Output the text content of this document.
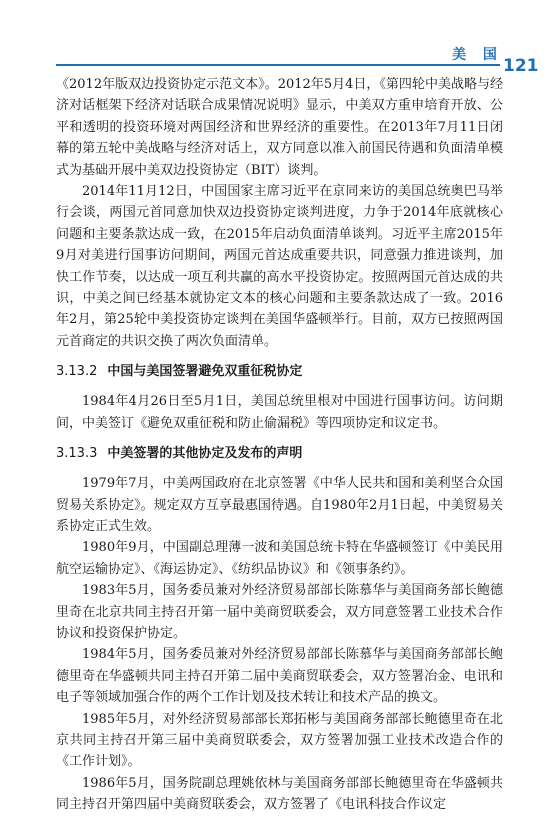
美 国
121

《2012年版双边投资协定示范文本》。2012年5月4日，《第四轮中美战略与经济对话框架下经济对话联合成果情况说明》显示，中美双方重申培育开放、公平和透明的投资环境对两国经济和世界经济的重要性。在2013年7月11日闭幕的第五轮中美战略与经济对话上，双方同意以准入前国民待遇和负面清单模式为基础开展中美双边投资协定（BIT）谈判。

2014年11月12日，中国国家主席习近平在京同来访的美国总统奥巴马举行会谈，两国元首同意加快双边投资协定谈判进度，力争于2014年底就核心问题和主要条款达成一致，在2015年启动负面清单谈判。习近平主席2015年9月对美进行国事访问期间，两国元首达成重要共识，同意强力推进谈判，加快工作节奏，以达成一项互利共赢的高水平投资协定。按照两国元首达成的共识，中美之间已经基本就协定文本的核心问题和主要条款达成了一致。2016年2月，第25轮中美投资协定谈判在美国华盛顿举行。目前，双方已按照两国元首商定的共识交换了两次负面清单。

3.13.2 中国与美国签署避免双重征税协定

1984年4月26日至5月1日，美国总统里根对中国进行国事访问。访问期间，中美签订《避免双重征税和防止偷漏税》等四项协定和议定书。

3.13.3 中美签署的其他协定及发布的声明

1979年7月，中美两国政府在北京签署《中华人民共和国和美利坚合众国贸易关系协定》。规定双方互享最惠国待遇。自1980年2月1日起，中美贸易关系协定正式生效。

1980年9月，中国副总理薄一波和美国总统卡特在华盛顿签订《中美民用航空运输协定》、《海运协定》、《纺织品协议》和《领事条约》。

1983年5月，国务委员兼对外经济贸易部部长陈慕华与美国商务部长鲍德里奇在北京共同主持召开第一届中美商贸联委会，双方同意签署工业技术合作协议和投资保护协定。

1984年5月，国务委员兼对外经济贸易部部长陈慕华与美国商务部部长鲍德里奇在华盛顿共同主持召开第二届中美商贸联委会，双方签署冶金、电讯和电子等领域加强合作的两个工作计划及技术转让和技术产品的换文。

1985年5月，对外经济贸易部部长郑拓彬与美国商务部部长鲍德里奇在北京共同主持召开第三届中美商贸联委会，双方签署加强工业技术改造合作的《工作计划》。

1986年5月，国务院副总理姚依林与美国商务部部长鲍德里奇在华盛顿共同主持召开第四届中美商贸联委会，双方签署了《电讯科技合作议定
